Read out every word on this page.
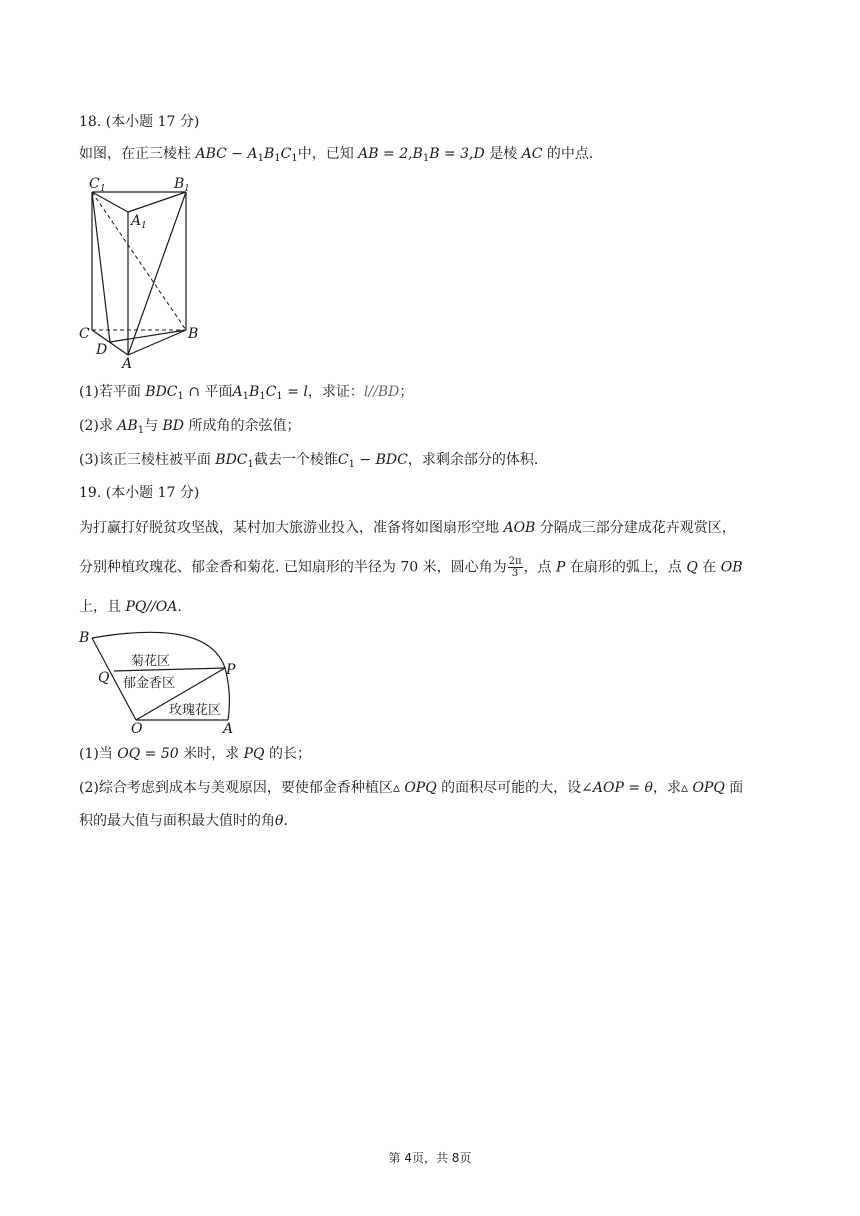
18. (本小题 17 分)
如图，在正三棱柱 ABC − $A_1B_1C_1$中，已知 AB = $2,B_1B = 3,D$ 是棱 AC 的中点.
C 1	B 1
A 1
C	B
D
A
(1)若平面 $BDC_1$ ∩ 平面$A_1B_1C_1 = l$，求证：l//BD；
(2)求 $AB_1$与 BD 所成角的余弦值；
(3)该正三棱柱被平面 $BDC_1$截去一个棱锥$C_1$ − BDC，求剩余部分的体积.
19. (本小题 17 分)
为打赢打好脱贫攻坚战，某村加大旅游业投入，准备将如图扇形空地 AOB 分隔成三部分建成花卉观赏区，
分别种植玫瑰花、郁金香和菊花. 已知扇形的半径为 70 米，圆心角为 $\frac{2\pi}{3}$ ，点 P 在扇形的弧上，点 Q 在 OB
上，且 PQ//OA.
B
Q	P
O	A
菊花区
郁金香区
玫瑰花区
(1)当 OQ = 50 米时，求 PQ 的长；
(2)综合考虑到成本与美观原因，要使郁金香种植区▵ OPQ 的面积尽可能的大，设∠AOP = θ，求▵ OPQ 面
积的最大值与面积最大值时的角θ.
第 4页，共 8页
